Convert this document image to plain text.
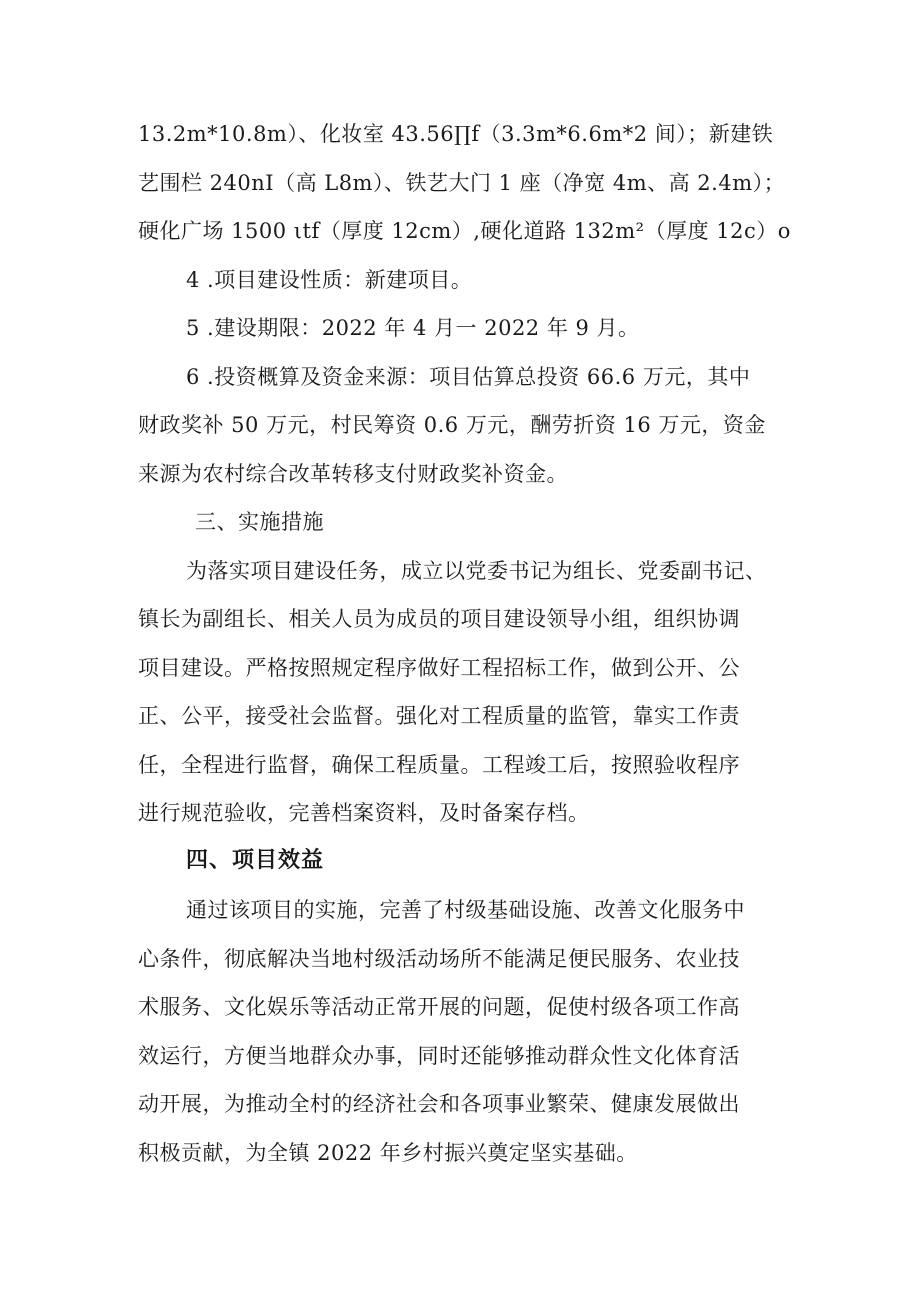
13.2m*10.8m）、化妆室 43.56∏f（3.3m*6.6m*2 间）；新建铁
艺围栏 240nI（高 L8m）、铁艺大门 1 座（净宽 4m、高 2.4m）；
硬化广场 1500 ιtf（厚度 12cm）,硬化道路 132m²（厚度 12c）o
4 .项目建设性质：新建项目。
5 .建设期限：2022 年 4 月一 2022 年 9 月。
6 .投资概算及资金来源：项目估算总投资 66.6 万元，其中
财政奖补 50 万元，村民筹资 0.6 万元，酬劳折资 16 万元，资金
来源为农村综合改革转移支付财政奖补资金。
三、实施措施
为落实项目建设任务，成立以党委书记为组长、党委副书记、
镇长为副组长、相关人员为成员的项目建设领导小组，组织协调
项目建设。严格按照规定程序做好工程招标工作，做到公开、公
正、公平，接受社会监督。强化对工程质量的监管，靠实工作责
任，全程进行监督，确保工程质量。工程竣工后，按照验收程序
进行规范验收，完善档案资料，及时备案存档。
四、项目效益
通过该项目的实施，完善了村级基础设施、改善文化服务中
心条件，彻底解决当地村级活动场所不能满足便民服务、农业技
术服务、文化娱乐等活动正常开展的问题，促使村级各项工作高
效运行，方便当地群众办事，同时还能够推动群众性文化体育活
动开展，为推动全村的经济社会和各项事业繁荣、健康发展做出
积极贡献，为全镇 2022 年乡村振兴奠定坚实基础。
